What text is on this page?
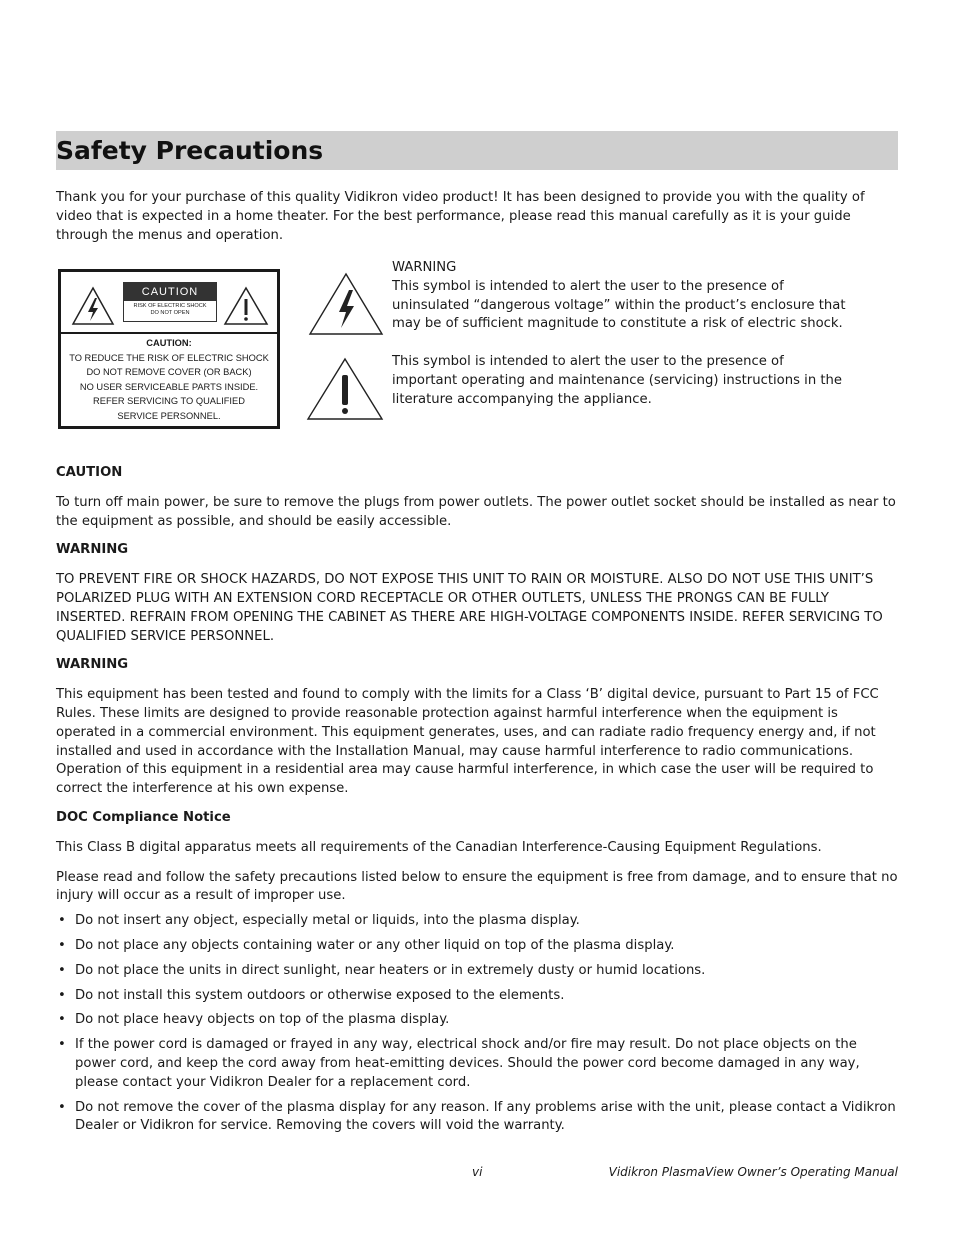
Safety Precautions

Thank you for your purchase of this quality Vidikron video product! It has been designed to provide you with the quality of video that is expected in a home theater. For the best performance, please read this manual carefully as it is your guide through the menus and operation.

CAUTION
RISK OF ELECTRIC SHOCK
DO NOT OPEN
CAUTION:
TO REDUCE THE RISK OF ELECTRIC SHOCK
DO NOT REMOVE COVER (OR BACK)
NO USER SERVICEABLE PARTS INSIDE.
REFER SERVICING TO QUALIFIED
SERVICE PERSONNEL.
WARNING
This symbol is intended to alert the user to the presence of uninsulated “dangerous voltage” within the product’s enclosure that may be of sufficient magnitude to constitute a risk of electric shock.
This symbol is intended to alert the user to the presence of important operating and maintenance (servicing) instructions in the literature accompanying the appliance.

CAUTION

To turn off main power, be sure to remove the plugs from power outlets. The power outlet socket should be installed as near to the equipment as possible, and should be easily accessible.

WARNING

TO PREVENT FIRE OR SHOCK HAZARDS, DO NOT EXPOSE THIS UNIT TO RAIN OR MOISTURE. ALSO DO NOT USE THIS UNIT’S POLARIZED PLUG WITH AN EXTENSION CORD RECEPTACLE OR OTHER OUTLETS, UNLESS THE PRONGS CAN BE FULLY INSERTED. REFRAIN FROM OPENING THE CABINET AS THERE ARE HIGH-VOLTAGE COMPONENTS INSIDE. REFER SERVICING TO QUALIFIED SERVICE PERSONNEL.

WARNING

This equipment has been tested and found to comply with the limits for a Class ‘B’ digital device, pursuant to Part 15 of FCC Rules. These limits are designed to provide reasonable protection against harmful interference when the equipment is operated in a commercial environment. This equipment generates, uses, and can radiate radio frequency energy and, if not installed and used in accordance with the Installation Manual, may cause harmful interference to radio communications. Operation of this equipment in a residential area may cause harmful interference, in which case the user will be required to correct the interference at his own expense.

DOC Compliance Notice

This Class B digital apparatus meets all requirements of the Canadian Interference-Causing Equipment Regulations.

Please read and follow the safety precautions listed below to ensure the equipment is free from damage, and to ensure that no injury will occur as a result of improper use.

• Do not insert any object, especially metal or liquids, into the plasma display.
• Do not place any objects containing water or any other liquid on top of the plasma display.
• Do not place the units in direct sunlight, near heaters or in extremely dusty or humid locations.
• Do not install this system outdoors or otherwise exposed to the elements.
• Do not place heavy objects on top of the plasma display.
• If the power cord is damaged or frayed in any way, electrical shock and/or fire may result. Do not place objects on the power cord, and keep the cord away from heat-emitting devices. Should the power cord become damaged in any way, please contact your Vidikron Dealer for a replacement cord.
• Do not remove the cover of the plasma display for any reason. If any problems arise with the unit, please contact a Vidikron Dealer or Vidikron for service. Removing the covers will void the warranty.
vi	Vidikron PlasmaView Owner’s Operating Manual
